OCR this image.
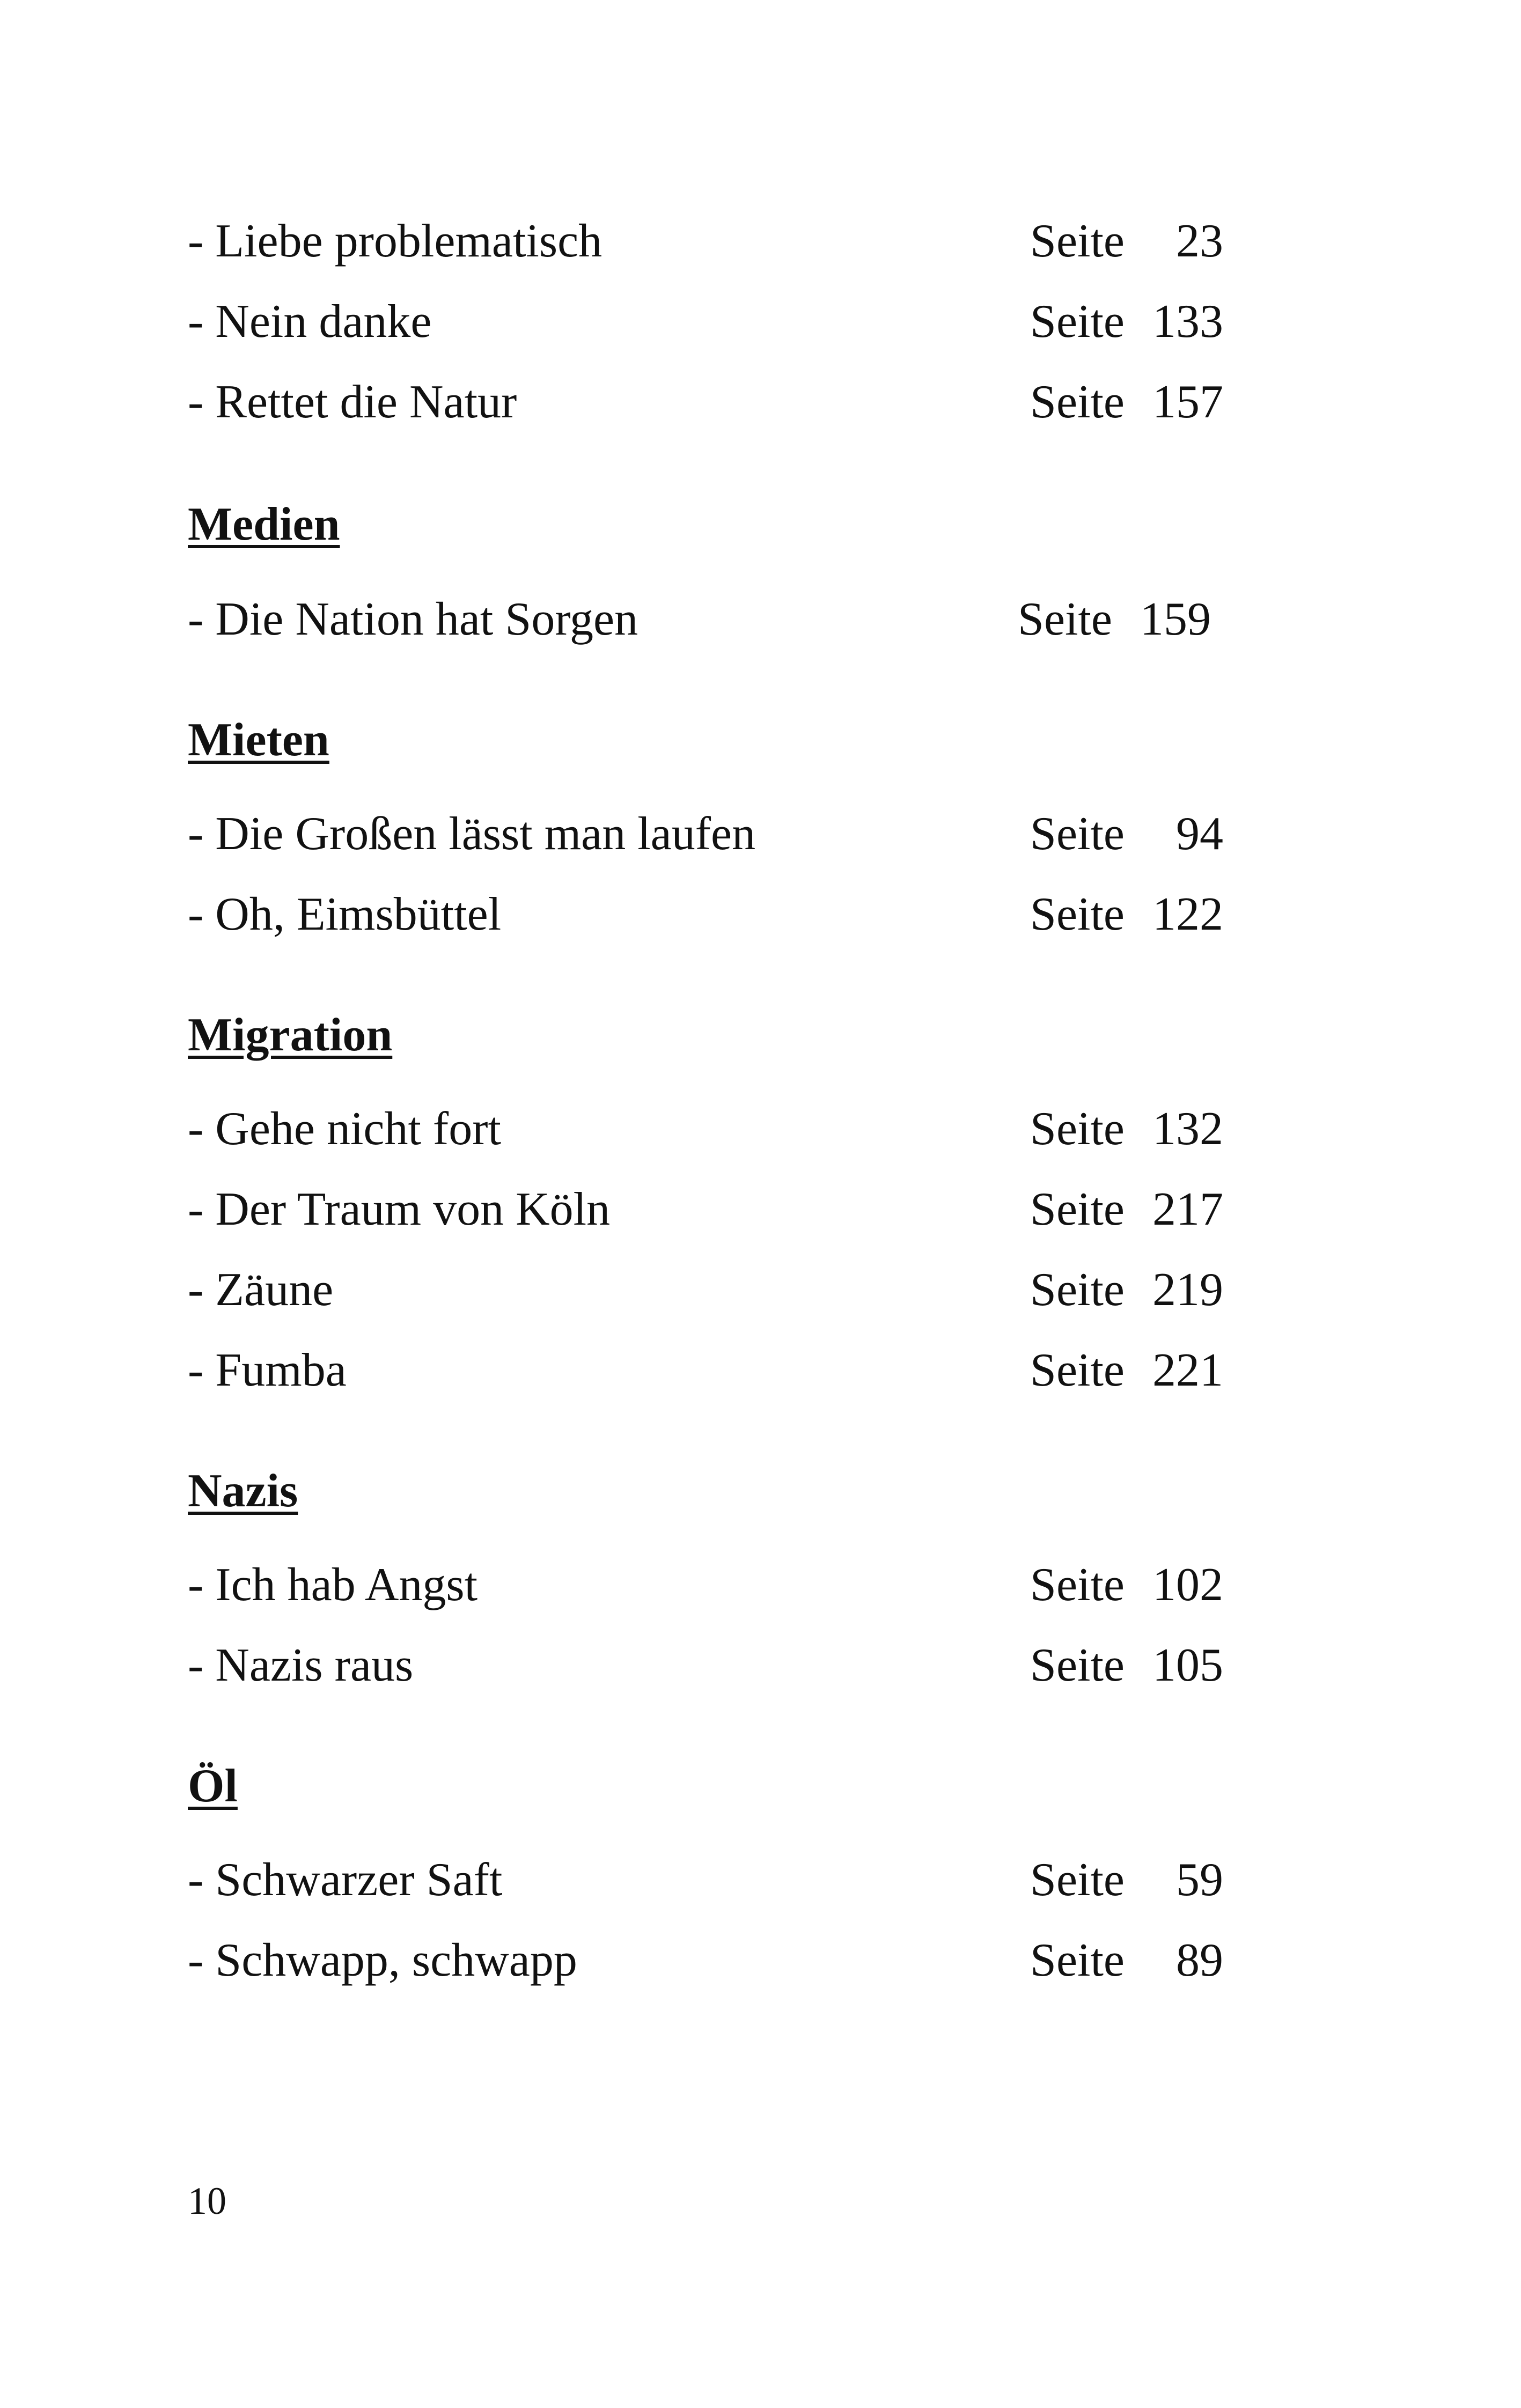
- Liebe problematisch	Seite 23
- Nein danke	Seite 133
- Rettet die Natur	Seite 157
Medien
- Die Nation hat Sorgen	Seite 159
Mieten
- Die Großen lässt man laufen	Seite 94
- Oh, Eimsbüttel	Seite 122
Migration
- Gehe nicht fort	Seite 132
- Der Traum von Köln	Seite 217
- Zäune	Seite 219
- Fumba	Seite 221
Nazis
- Ich hab Angst	Seite 102
- Nazis raus	Seite 105
Öl
- Schwarzer Saft	Seite 59
- Schwapp, schwapp	Seite 89
10
